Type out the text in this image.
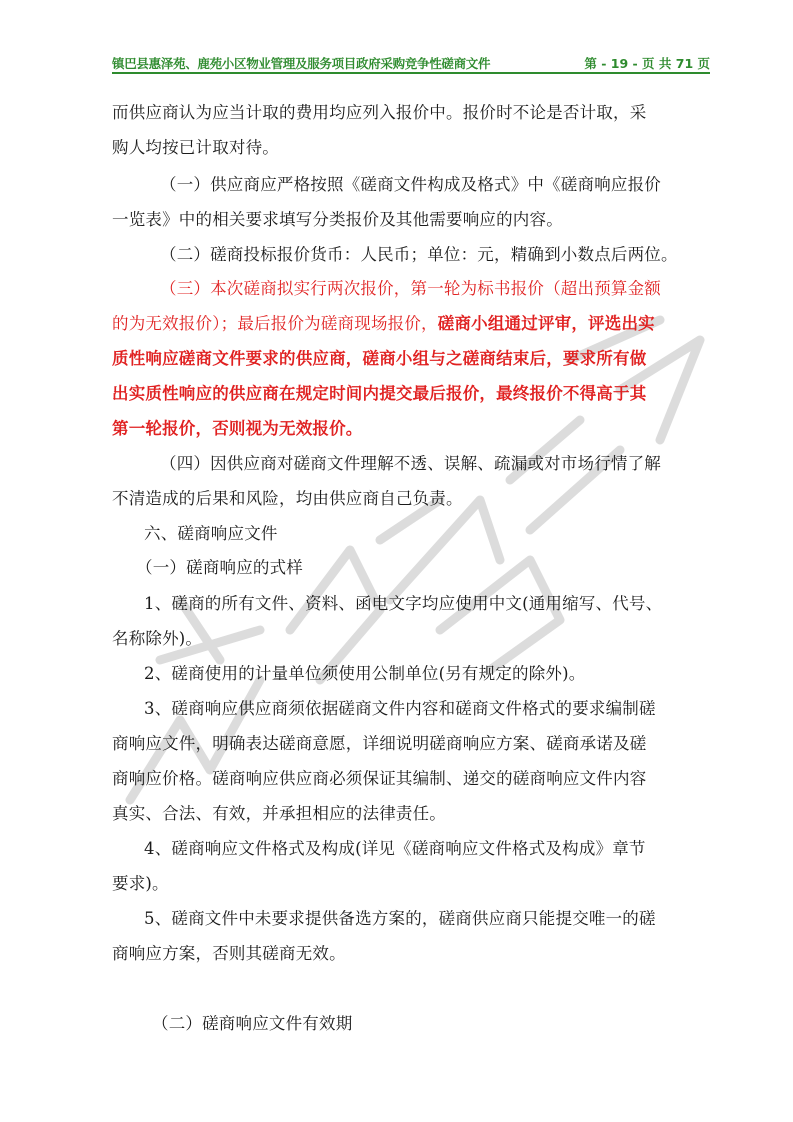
镇巴县惠泽苑、鹿苑小区物业管理及服务项目政府采购竞争性磋商文件	第 - 19 - 页 共 71 页
而供应商认为应当计取的费用均应列入报价中。报价时不论是否计取，采
购人均按已计取对待。
（一）供应商应严格按照《磋商文件构成及格式》中《磋商响应报价
一览表》中的相关要求填写分类报价及其他需要响应的内容。
（二）磋商投标报价货币：人民币；单位：元，精确到小数点后两位。
（三）本次磋商拟实行两次报价，第一轮为标书报价（超出预算金额
的为无效报价）；最后报价为磋商现场报价，磋商小组通过评审，评选出实
质性响应磋商文件要求的供应商，磋商小组与之磋商结束后，要求所有做
出实质性响应的供应商在规定时间内提交最后报价，最终报价不得高于其
第一轮报价，否则视为无效报价。
（四）因供应商对磋商文件理解不透、误解、疏漏或对市场行情了解
不清造成的后果和风险，均由供应商自己负责。
六、磋商响应文件
（一）磋商响应的式样
1、磋商的所有文件、资料、函电文字均应使用中文(通用缩写、代号、
名称除外)。
2、磋商使用的计量单位须使用公制单位(另有规定的除外)。
3、磋商响应供应商须依据磋商文件内容和磋商文件格式的要求编制磋
商响应文件，明确表达磋商意愿，详细说明磋商响应方案、磋商承诺及磋
商响应价格。磋商响应供应商必须保证其编制、递交的磋商响应文件内容
真实、合法、有效，并承担相应的法律责任。
4、磋商响应文件格式及构成(详见《磋商响应文件格式及构成》章节
要求)。
5、磋商文件中未要求提供备选方案的，磋商供应商只能提交唯一的磋
商响应方案，否则其磋商无效。
（二）磋商响应文件有效期
